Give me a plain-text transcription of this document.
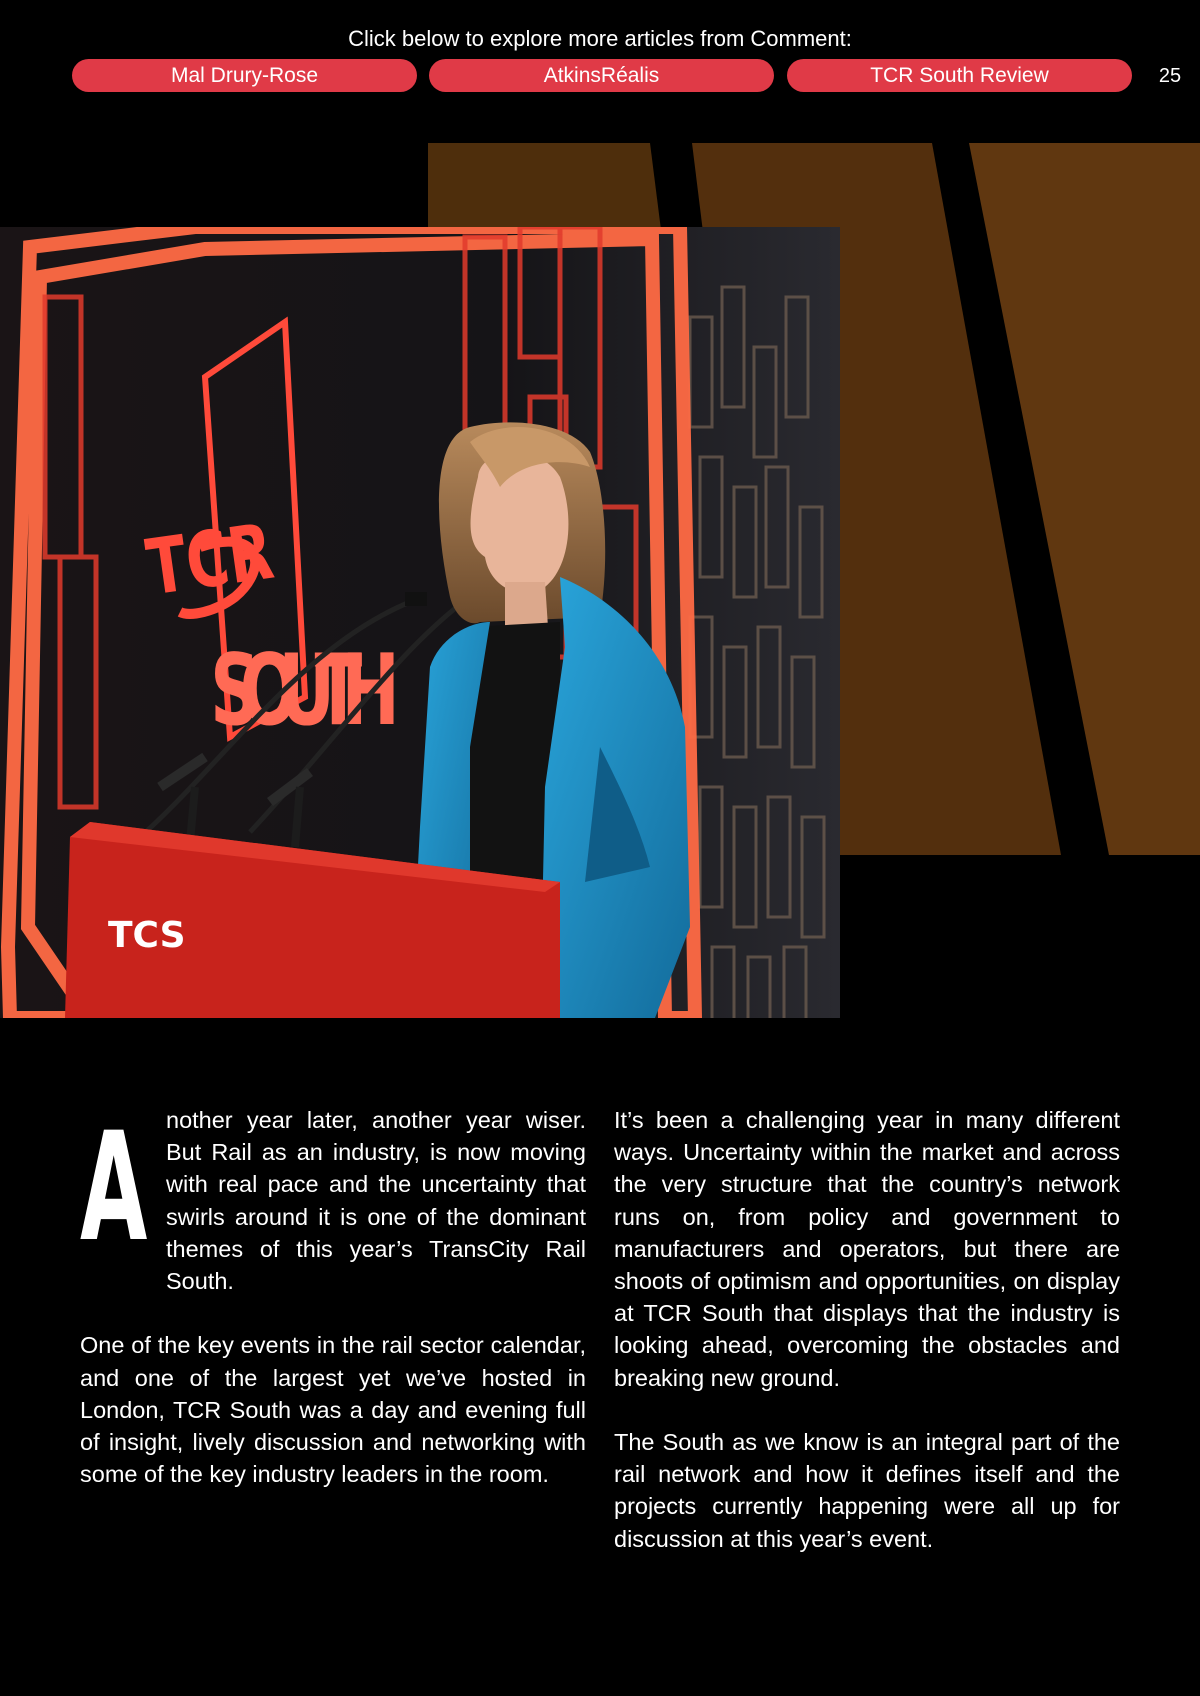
Click below to explore more articles from Comment:
Mal Drury-Rose	AtkinsRéalis	TCR South Review	25
TCR
SOUTH
TCS

A nother year later, another year wiser. But Rail as an industry, is now moving with real pace and the uncertainty that swirls around it is one of the dominant themes of this year’s TransCity Rail South.

One of the key events in the rail sector calendar, and one of the largest yet we’ve hosted in London, TCR South was a day and evening full of insight, lively discussion and networking with some of the key industry leaders in the room.

It’s been a challenging year in many different ways. Uncertainty within the market and across the very structure that the country’s network runs on, from policy and government to manufacturers and operators, but there are shoots of optimism and opportunities, on display at TCR South that displays that the industry is looking ahead, overcoming the obstacles and breaking new ground.

The South as we know is an integral part of the rail network and how it defines itself and the projects currently happening were all up for discussion at this year’s event.
